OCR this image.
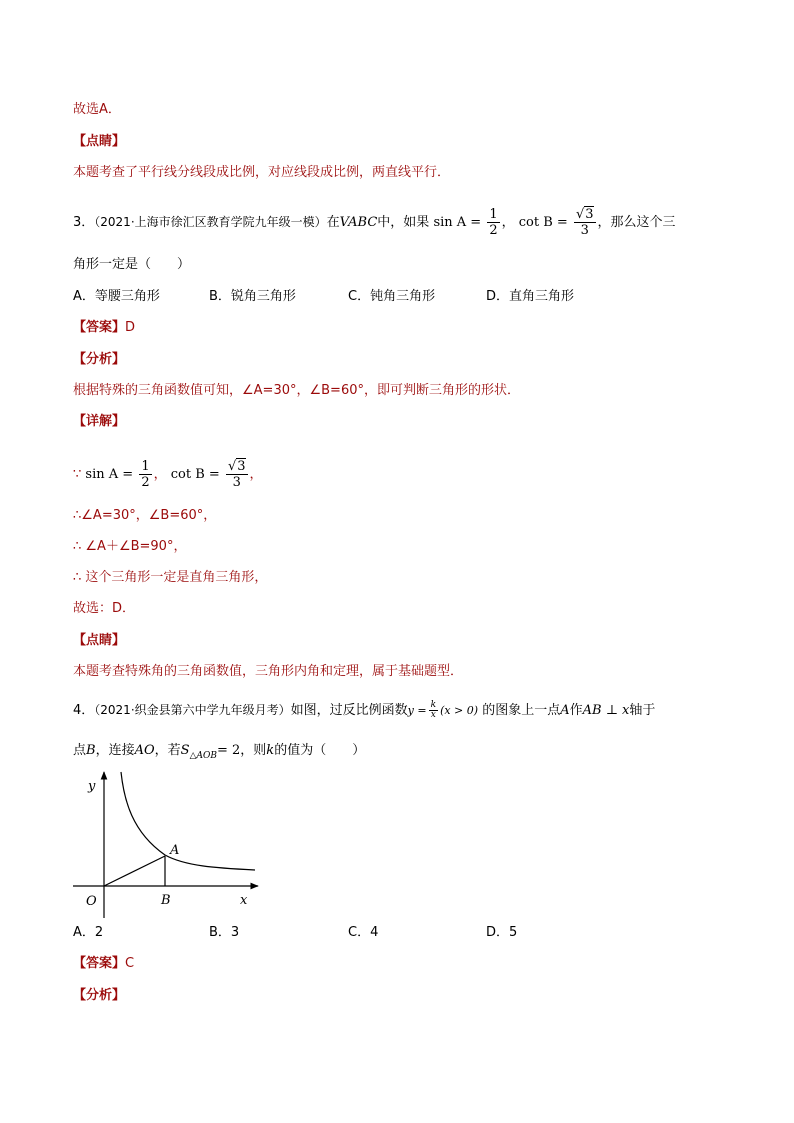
故选A．
【点睛】
本题考查了平行线分线段成比例，对应线段成比例，两直线平行．
3．（2021·上海市徐汇区教育学院九年级一模）在VABC中，如果 $\sin A = \frac{1}{2}$ ， $\cot B = \frac{√3}{3}$ ，那么这个三
角形一定是（　　）
A．等腰三角形	B．锐角三角形	C．钝角三角形	D．直角三角形
【答案】D
【分析】
根据特殊的三角函数值可知，∠A=30°，∠B=60°，即可判断三角形的形状．
【详解】
∵ $\sin A = \frac{1}{2}$ ， $\cot B = \frac{√3}{3}$ ，
∴∠A=30°，∠B=60°，
∴ ∠A＋∠B=90°，
∴ 这个三角形一定是直角三角形，
故选：D．
【点睛】
本题考查特殊角的三角函数值，三角形内角和定理，属于基础题型．
4．（2021·织金县第六中学九年级月考）如图，过反比例函数$y = \frac{k}{x} (x > 0)$ 的图象上一点A作AB ⊥ x轴于
点B，连接AO，若$S_{\triangle AOB}= 2$，则k的值为（　　）
y
x
O
A
B
A．2	B．3	C．4	D．5
【答案】C
【分析】
